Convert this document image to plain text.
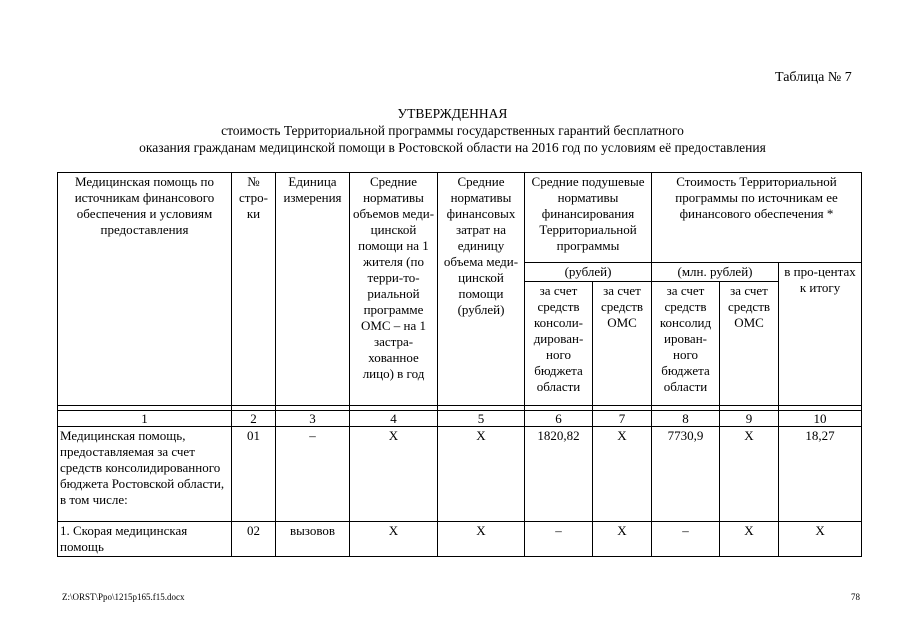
Таблица № 7
УТВЕРЖДЕННАЯ
стоимость Территориальной программы государственных гарантий бесплатного
оказания гражданам медицинской помощи в Ростовской области на 2016 год по условиям её предоставления
Медицинская помощь по источникам финансового обеспечения и условиям предоставления	№ стро-ки	Единица измерения	Средние нормативы объемов меди-цинской помощи на 1 жителя (по терри-то-риальной программе ОМС – на 1 застра-хованное лицо) в год	Средние нормативы финансовых затрат на единицу объема меди-цинской помощи (рублей)	Средние подушевые нормативы финансирования Территориальной программы		Стоимость Территориальной программы по источникам ее финансового обеспечения *		
					(рублей)		(млн. рублей)		в про-центах к итогу
					за счет средств консоли-дирован-ного бюджета области	за счет средств ОМС	за счет средств консолид ирован-ного бюджета области	за счет средств ОМС	

1	2	3	4	5	6	7	8	9	10
Медицинская помощь, предоставляемая за счет средств консолидированного бюджета Ростовской области, в том числе:	01	–	Х	Х	1820,82	Х	7730,9	Х	18,27
1. Скорая медицинская помощь	02	вызовов	Х	Х	–	Х	–	Х	Х
Z:\ORST\Ppo\1215p165.f15.docx	78
